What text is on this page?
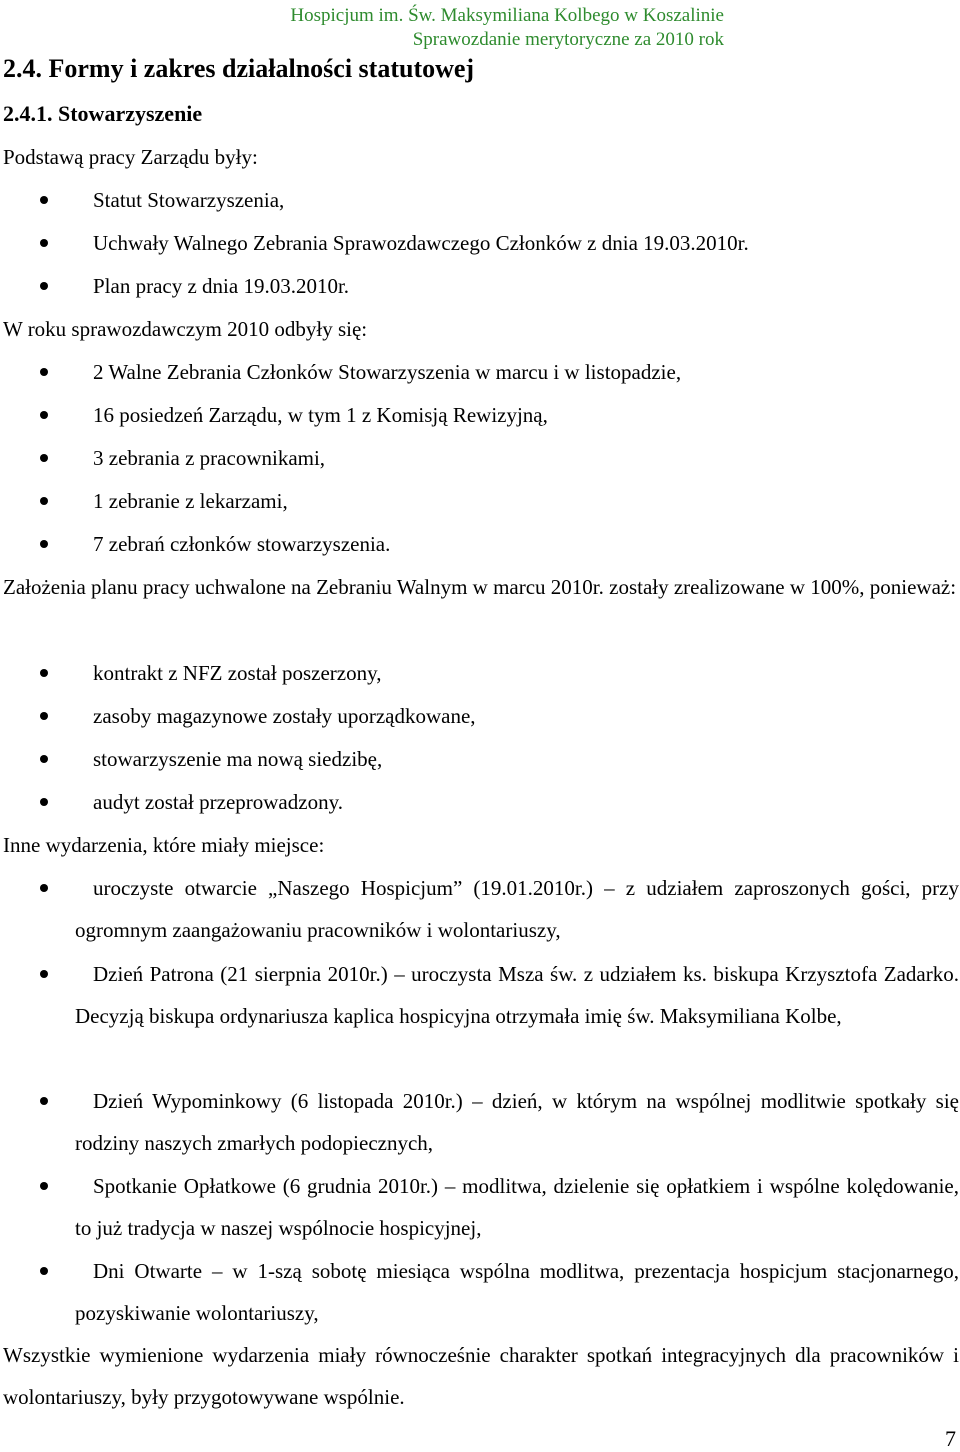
Hospicjum im. Św. Maksymiliana Kolbego w Koszalinie
Sprawozdanie merytoryczne za 2010 rok
2.4. Formy i zakres działalności statutowej
2.4.1. Stowarzyszenie

Podstawą pracy Zarządu były:

Statut Stowarzyszenia,
Uchwały Walnego Zebrania Sprawozdawczego Członków z dnia 19.03.2010r.
Plan pracy z dnia 19.03.2010r.

W roku sprawozdawczym 2010 odbyły się:

2 Walne Zebrania Członków Stowarzyszenia w marcu i w listopadzie,
16 posiedzeń Zarządu, w tym 1 z Komisją Rewizyjną,
3 zebrania z pracownikami,
1 zebranie z lekarzami,
7 zebrań członków stowarzyszenia.

Założenia planu pracy uchwalone na Zebraniu Walnym w marcu 2010r. zostały zrealizowane w 100%, ponieważ:

kontrakt z NFZ został poszerzony,
zasoby magazynowe zostały uporządkowane,
stowarzyszenie ma nową siedzibę,
audyt został przeprowadzony.

Inne wydarzenia, które miały miejsce:

uroczyste otwarcie „Naszego Hospicjum” (19.01.2010r.) – z udziałem zaproszonych gości, przy ogromnym zaangażowaniu pracowników i wolontariuszy,
Dzień Patrona (21 sierpnia 2010r.) – uroczysta Msza św. z udziałem ks. biskupa Krzysztofa Zadarko. Decyzją biskupa ordynariusza kaplica hospicyjna otrzymała imię św. Maksymiliana Kolbe,
Dzień Wypominkowy (6 listopada 2010r.) – dzień, w którym na wspólnej modlitwie spotkały się rodziny naszych zmarłych podopiecznych,
Spotkanie Opłatkowe (6 grudnia 2010r.) – modlitwa, dzielenie się opłatkiem i wspólne kolędowanie, to już tradycja w naszej wspólnocie hospicyjnej,
Dni Otwarte – w 1-szą sobotę miesiąca wspólna modlitwa, prezentacja hospicjum stacjonarnego, pozyskiwanie wolontariuszy,

Wszystkie wymienione wydarzenia miały równocześnie charakter spotkań integracyjnych dla pracowników i wolontariuszy, były przygotowywane wspólnie.

7
